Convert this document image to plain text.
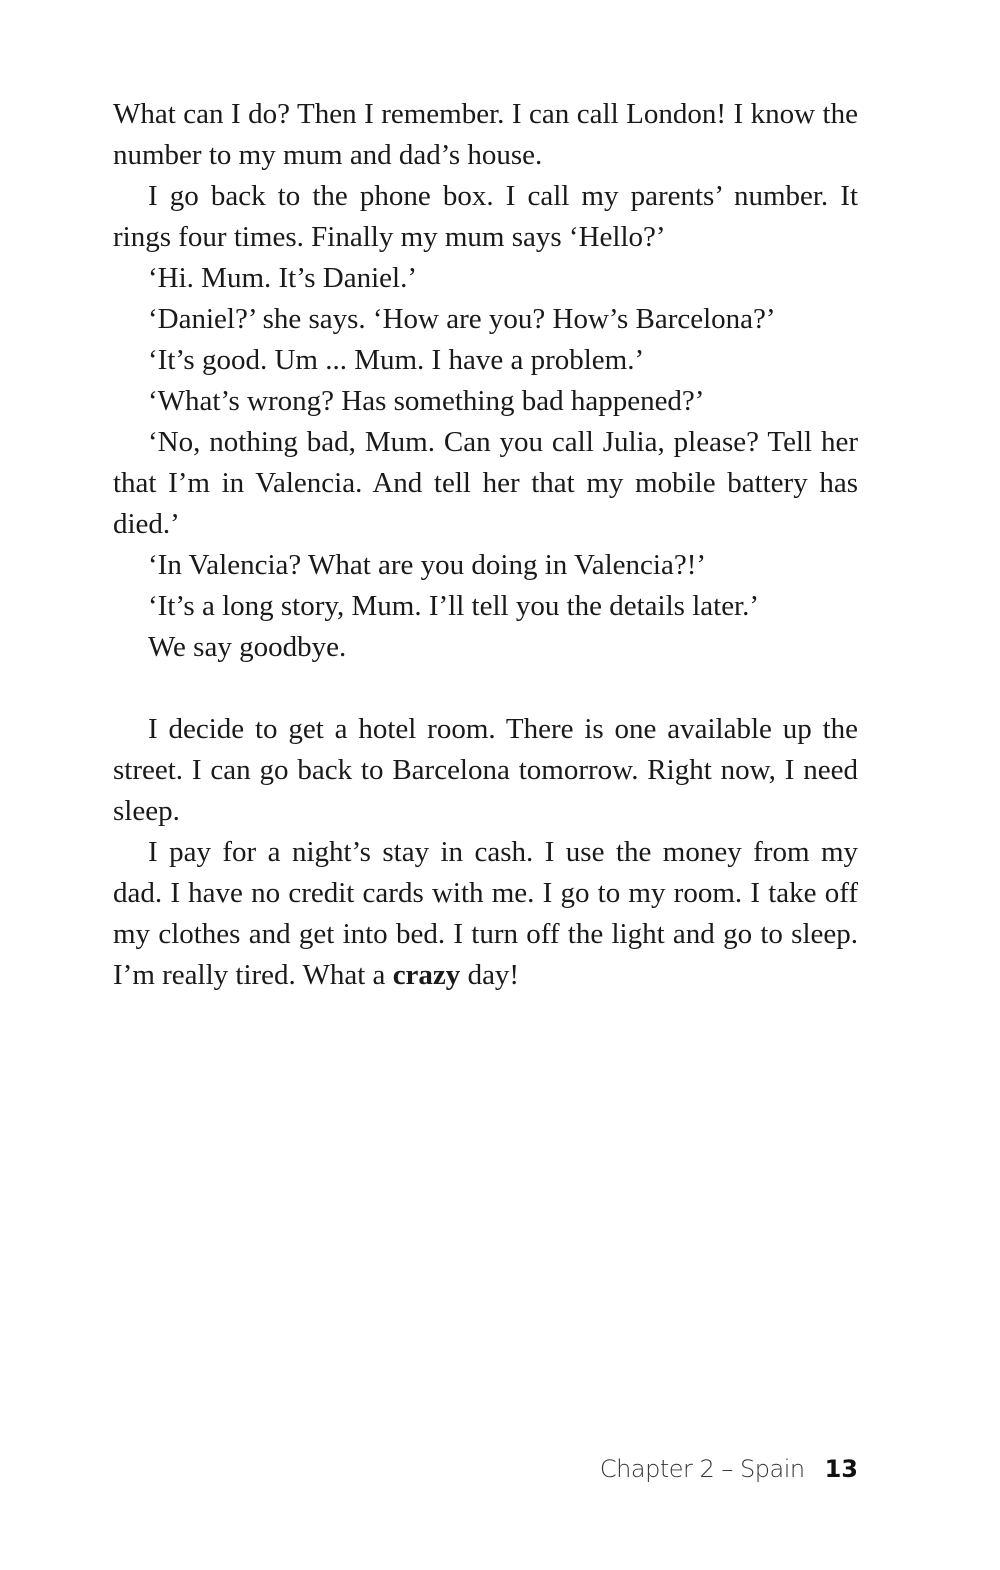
What can I do? Then I remember. I can call London! I know the number to my mum and dad’s house.

I go back to the phone box. I call my parents’ number. It rings four times. Finally my mum says ‘Hello?’

‘Hi. Mum. It’s Daniel.’

‘Daniel?’ she says. ‘How are you? How’s Barcelona?’

‘It’s good. Um ... Mum. I have a problem.’

‘What’s wrong? Has something bad happened?’

‘No, nothing bad, Mum. Can you call Julia, please? Tell her that I’m in Valencia. And tell her that my mobile battery has died.’

‘In Valencia? What are you doing in Valencia?!’

‘It’s a long story, Mum. I’ll tell you the details later.’

We say goodbye.

I decide to get a hotel room. There is one available up the street. I can go back to Barcelona tomorrow. Right now, I need sleep.

I pay for a night’s stay in cash. I use the money from my dad. I have no credit cards with me. I go to my room. I take off my clothes and get into bed. I turn off the light and go to sleep. I’m really tired. What a crazy day!

Chapter 2 – Spain 13
